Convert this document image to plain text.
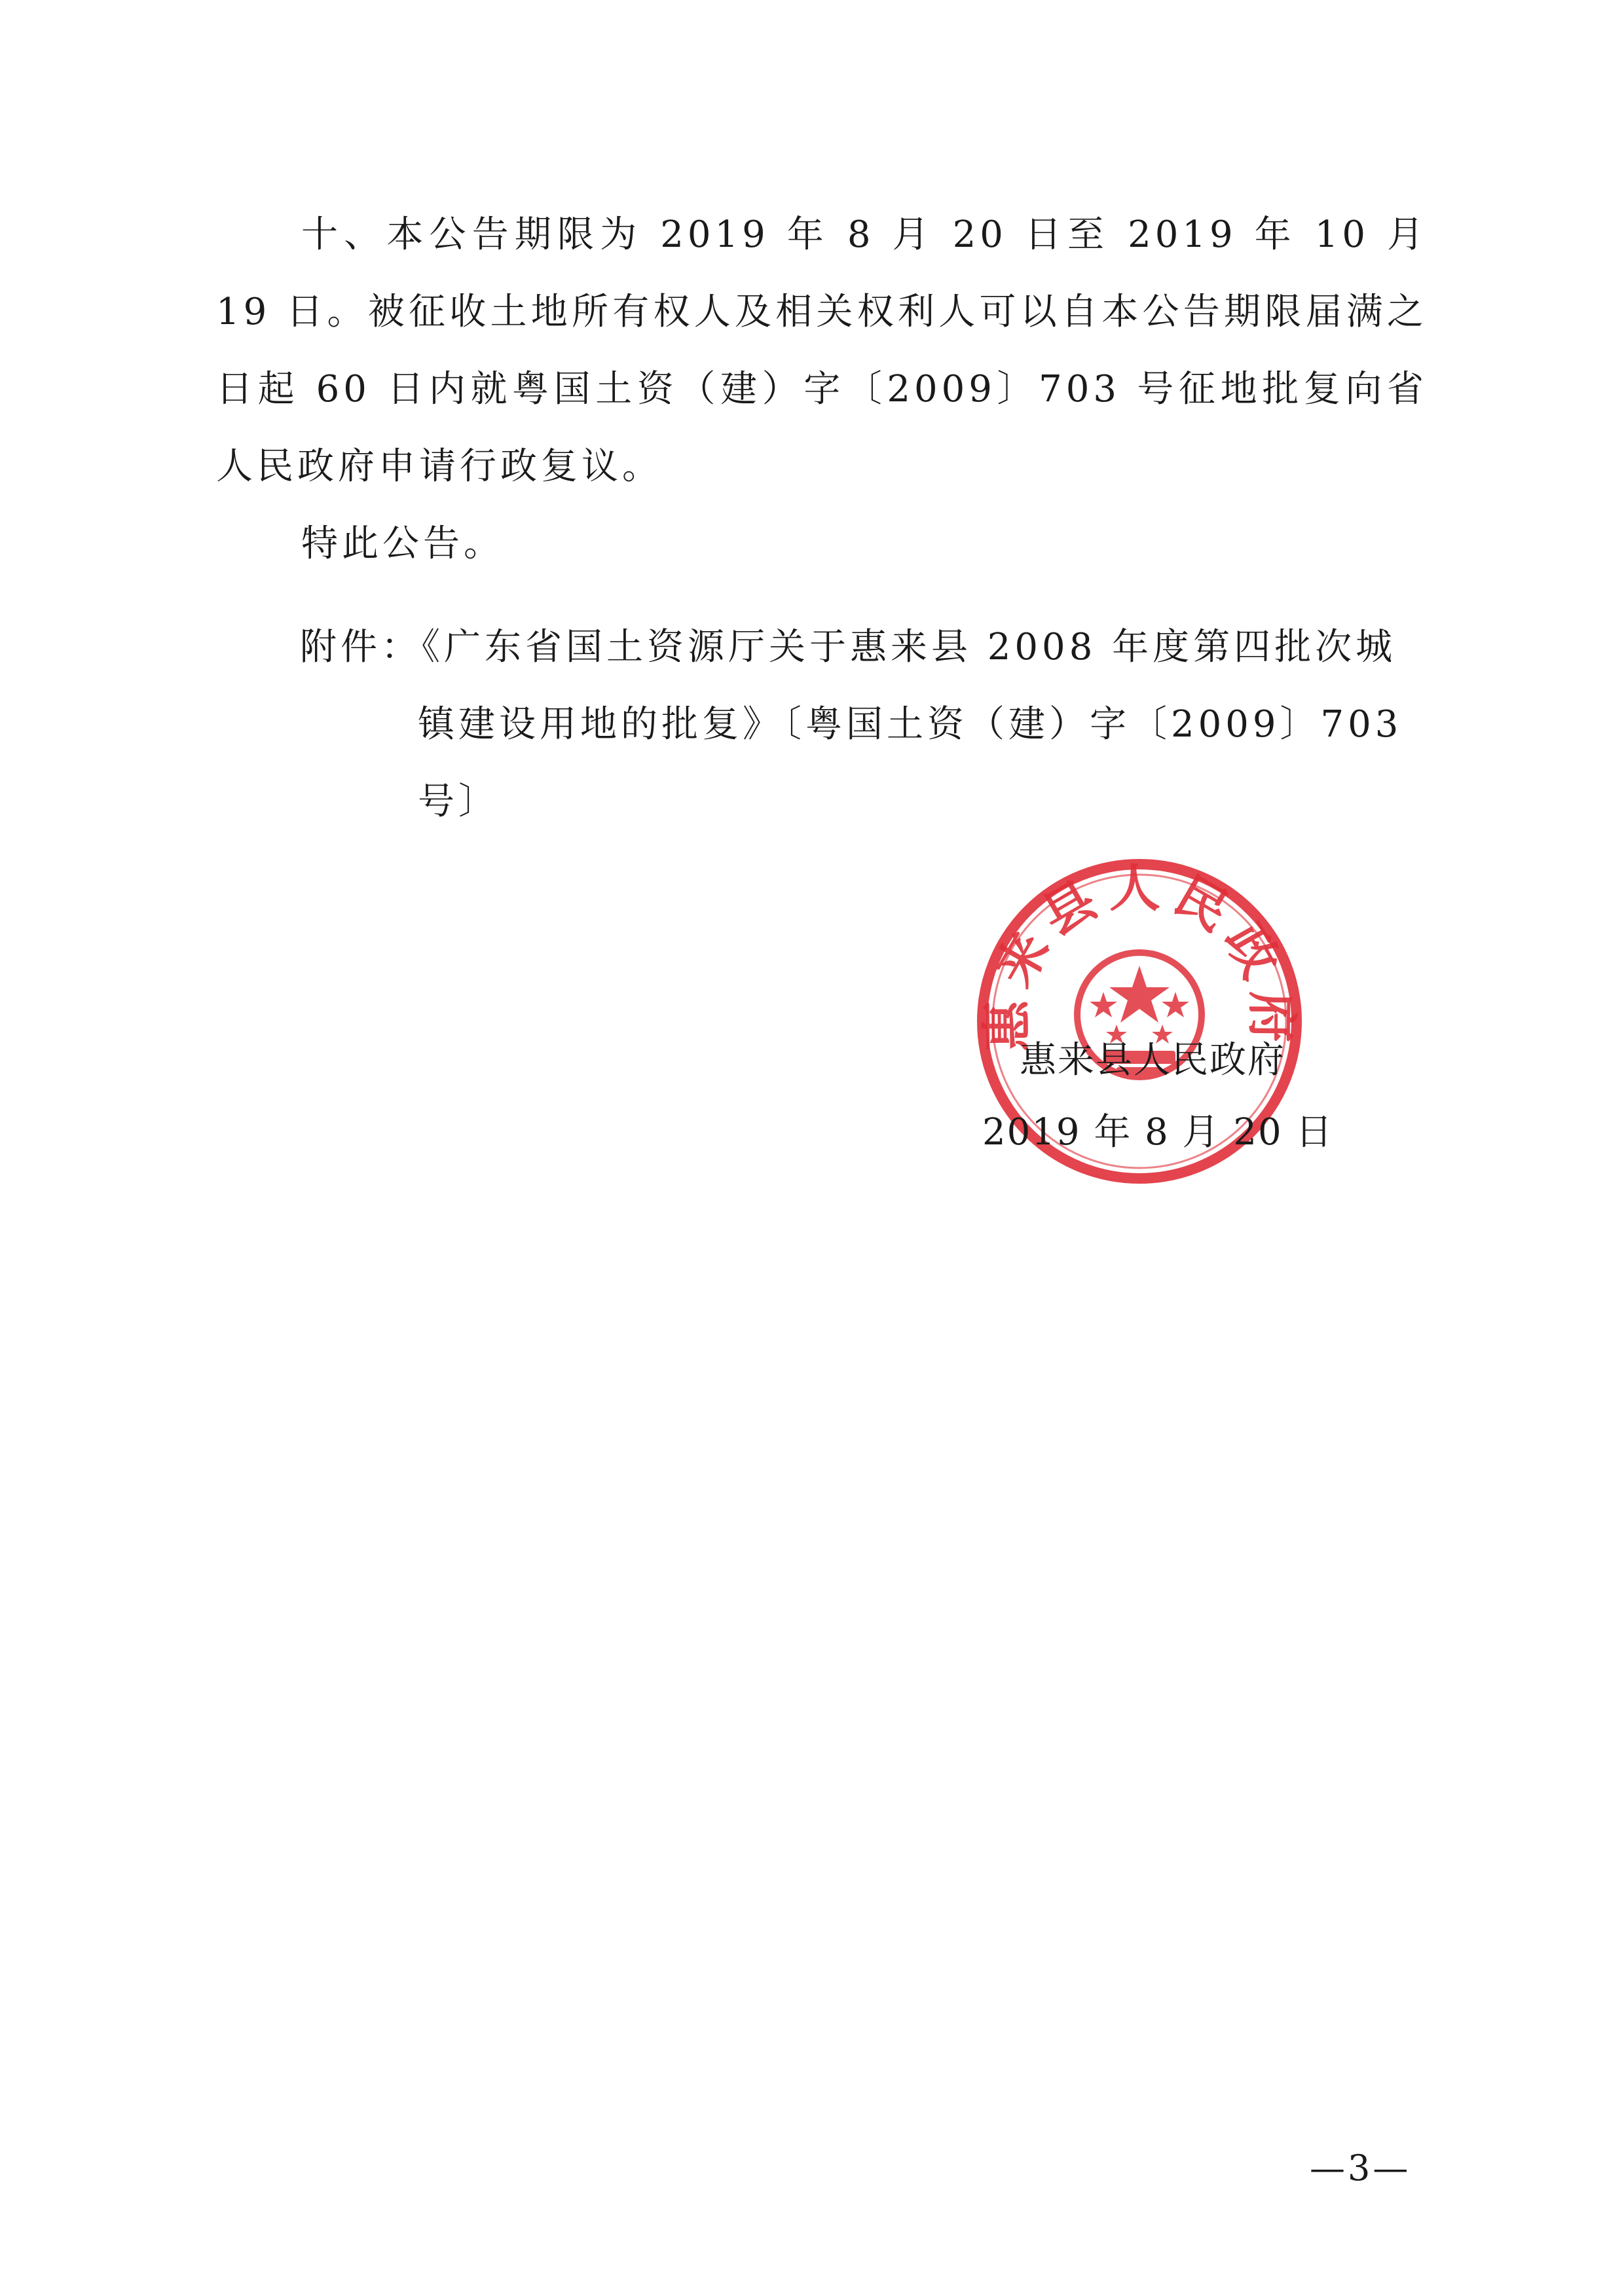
十、本公告期限为 2019 年 8 月 20 日至 2019 年 10 月 19 日。被征收土地所有权人及相关权利人可以自本公告期限届满之日起 60 日内就粤国土资（建）字〔2009〕703 号征地批复向省人民政府申请行政复议。

特此公告。

附件：《广东省国土资源厅关于惠来县 2008 年度第四批次城
镇建设用地的批复》〔粤国土资（建）字〔2009〕703
号〕
惠来县人民政府
惠来县人民政府
2019 年 8 月 20 日
—3—
